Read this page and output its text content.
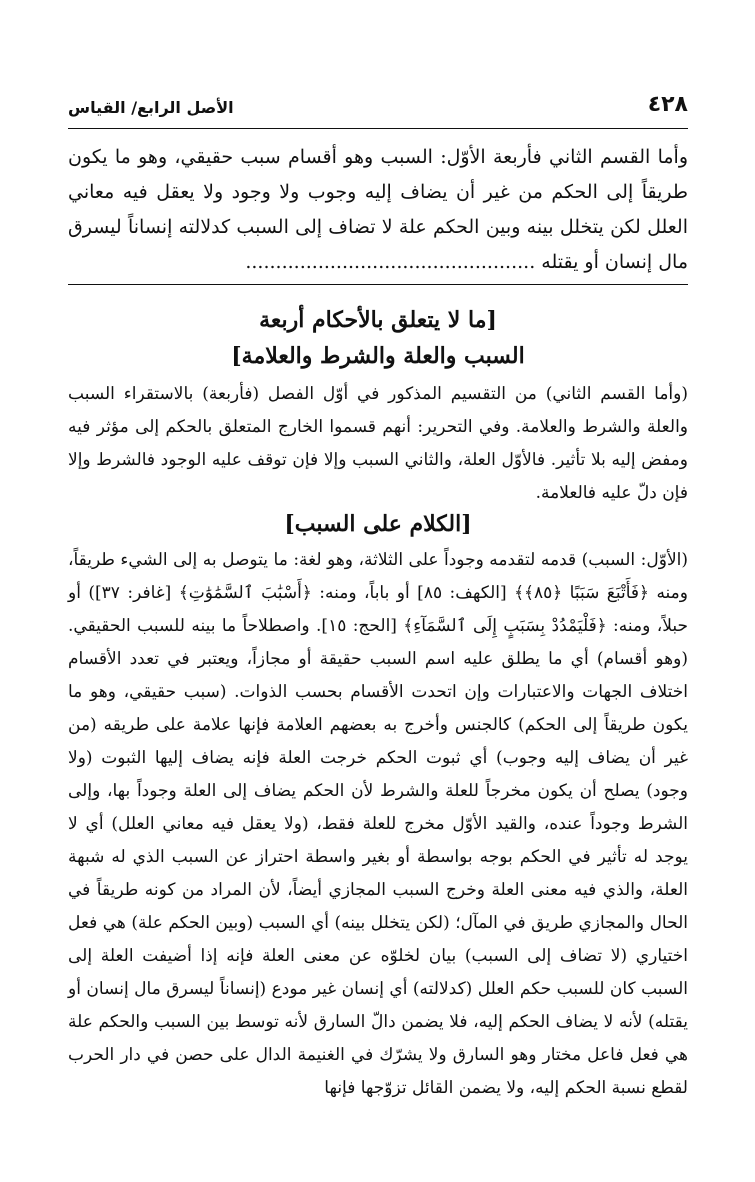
٤٢٨
الأصل الرابع/ القياس
وأما القسم الثاني فأربعة الأوّل: السبب وهو أقسام سبب حقيقي، وهو ما يكون طريقاً إلى الحكم من غير أن يضاف إليه وجوب ولا وجود ولا يعقل فيه معاني العلل لكن يتخلل بينه وبين الحكم علة لا تضاف إلى السبب كدلالته إنساناً ليسرق مال إنسان أو يقتله ................................................
[ما لا يتعلق بالأحكام أربعة
السبب والعلة والشرط والعلامة]
(وأما القسم الثاني) من التقسيم المذكور في أوّل الفصل (فأربعة) بالاستقراء السبب والعلة والشرط والعلامة. وفي التحرير: أنهم قسموا الخارج المتعلق بالحكم إلى مؤثر فيه ومفض إليه بلا تأثير. فالأوّل العلة، والثاني السبب وإلا فإن توقف عليه الوجود فالشرط وإلا فإن دلّ عليه فالعلامة.
[الكلام على السبب]
(الأوّل: السبب) قدمه لتقدمه وجوداً على الثلاثة، وهو لغة: ما يتوصل به إلى الشيء طريقاً، ومنه ﴿فَأَتْبَعَ سَبَبًا ﴿٨٥﴾﴾ [الكهف: ٨٥] أو باباً، ومنه: ﴿أَسْبَٰبَ ٱلسَّمَٰوَٰتِ﴾ [غافر: ٣٧]) أو حبلاً، ومنه: ﴿فَلْيَمْدُدْ بِسَبَبٍ إِلَى ٱلسَّمَآءِ﴾ [الحج: ١٥]. واصطلاحاً ما بينه للسبب الحقيقي. (وهو أقسام) أي ما يطلق عليه اسم السبب حقيقة أو مجازاً، ويعتبر في تعدد الأقسام اختلاف الجهات والاعتبارات وإن اتحدت الأقسام بحسب الذوات. (سبب حقيقي، وهو ما يكون طريقاً إلى الحكم) كالجنس وأخرج به بعضهم العلامة فإنها علامة على طريقه (من غير أن يضاف إليه وجوب) أي ثبوت الحكم خرجت العلة فإنه يضاف إليها الثبوت (ولا وجود) يصلح أن يكون مخرجاً للعلة والشرط لأن الحكم يضاف إلى العلة وجوداً بها، وإلى الشرط وجوداً عنده، والقيد الأوّل مخرج للعلة فقط، (ولا يعقل فيه معاني العلل) أي لا يوجد له تأثير في الحكم بوجه بواسطة أو بغير واسطة احتراز عن السبب الذي له شبهة العلة، والذي فيه معنى العلة وخرج السبب المجازي أيضاً، لأن المراد من كونه طريقاً في الحال والمجازي طريق في المآل؛ (لكن يتخلل بينه) أي السبب (وبين الحكم علة) هي فعل اختياري (لا تضاف إلى السبب) بيان لخلوّه عن معنى العلة فإنه إذا أضيفت العلة إلى السبب كان للسبب حكم العلل (كدلالته) أي إنسان غير مودع (إنساناً ليسرق مال إنسان أو يقتله) لأنه لا يضاف الحكم إليه، فلا يضمن دالّ السارق لأنه توسط بين السبب والحكم علة هي فعل فاعل مختار وهو السارق ولا يشرّك في الغنيمة الدال على حصن في دار الحرب لقطع نسبة الحكم إليه، ولا يضمن القائل تزوّجها فإنها
